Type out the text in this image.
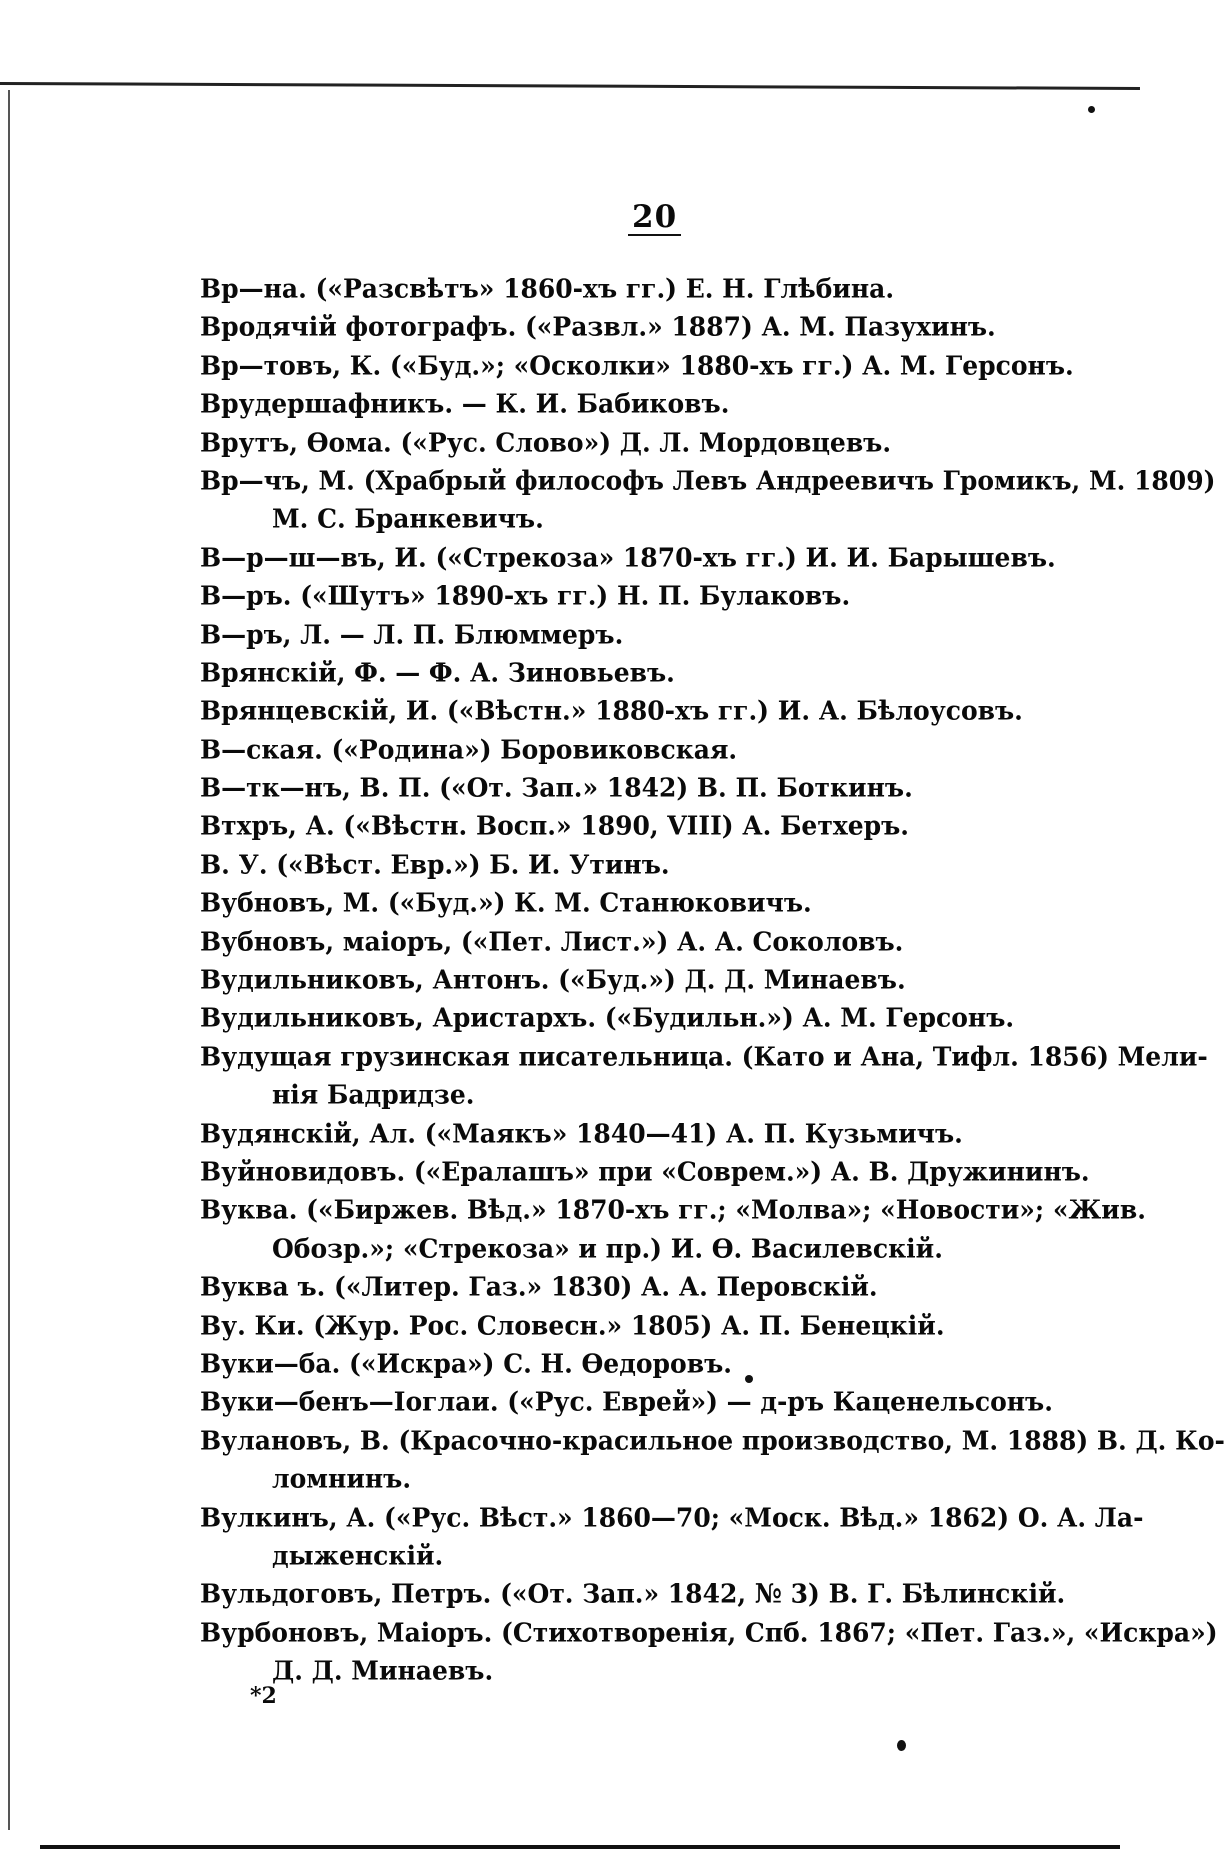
20
Вр—на. («Разсвѣтъ» 1860-хъ гг.) Е. Н. Глѣбина.
Вродячій фотографъ. («Развл.» 1887) А. М. Пазухинъ.
Вр—товъ, К. («Буд.»; «Осколки» 1880-хъ гг.) А. М. Герсонъ.
Врудершафникъ. — К. И. Бабиковъ.
Врутъ, Ѳома. («Рус. Слово») Д. Л. Мордовцевъ.
Вр—чъ, М. (Храбрый философъ Левъ Андреевичъ Громикъ, М. 1809)
М. С. Бранкевичъ.
В—р—ш—въ, И. («Стрекоза» 1870-хъ гг.) И. И. Барышевъ.
В—ръ. («Шутъ» 1890-хъ гг.) Н. П. Булаковъ.
В—ръ, Л. — Л. П. Блюммеръ.
Врянскій, Ф. — Ф. А. Зиновьевъ.
Врянцевскій, И. («Вѣстн.» 1880-хъ гг.) И. А. Бѣлоусовъ.
В—ская. («Родина») Боровиковская.
В—тк—нъ, В. П. («От. Зап.» 1842) В. П. Боткинъ.
Втхръ, А. («Вѣстн. Восп.» 1890, VIII) А. Бетхеръ.
В. У. («Вѣст. Евр.») Б. И. Утинъ.
Вубновъ, М. («Буд.») К. М. Станюковичъ.
Вубновъ, маіоръ, («Пет. Лист.») А. А. Соколовъ.
Вудильниковъ, Антонъ. («Буд.») Д. Д. Минаевъ.
Вудильниковъ, Аристархъ. («Будильн.») А. М. Герсонъ.
Вудущая грузинская писательница. (Като и Ана, Тифл. 1856) Мели-
нія Бадридзе.
Вудянскій, Ал. («Маякъ» 1840—41) А. П. Кузьмичъ.
Вуйновидовъ. («Ералашъ» при «Соврем.») А. В. Дружининъ.
Вуква. («Биржев. Вѣд.» 1870-хъ гг.; «Молва»; «Новости»; «Жив.
Обозр.»; «Стрекоза» и пр.) И. Ѳ. Василевскій.
Вуква ъ. («Литер. Газ.» 1830) А. А. Перовскій.
Ву. Ки. (Жур. Рос. Словесн.» 1805) А. П. Бенецкій.
Вуки—ба. («Искра») С. Н. Ѳедоровъ.
Вуки—бенъ—Іоглаи. («Рус. Еврей») — д-ръ Каценельсонъ.
Вулановъ, В. (Красочно-красильное производство, М. 1888) В. Д. Ко-
ломнинъ.
Вулкинъ, А. («Рус. Вѣст.» 1860—70; «Моск. Вѣд.» 1862) О. А. Ла-
дыженскій.
Вульдоговъ, Петръ. («От. Зап.» 1842, № 3) В. Г. Бѣлинскій.
Вурбоновъ, Маіоръ. (Стихотворенія, Спб. 1867; «Пет. Газ.», «Искра»)
Д. Д. Минаевъ.
*2
